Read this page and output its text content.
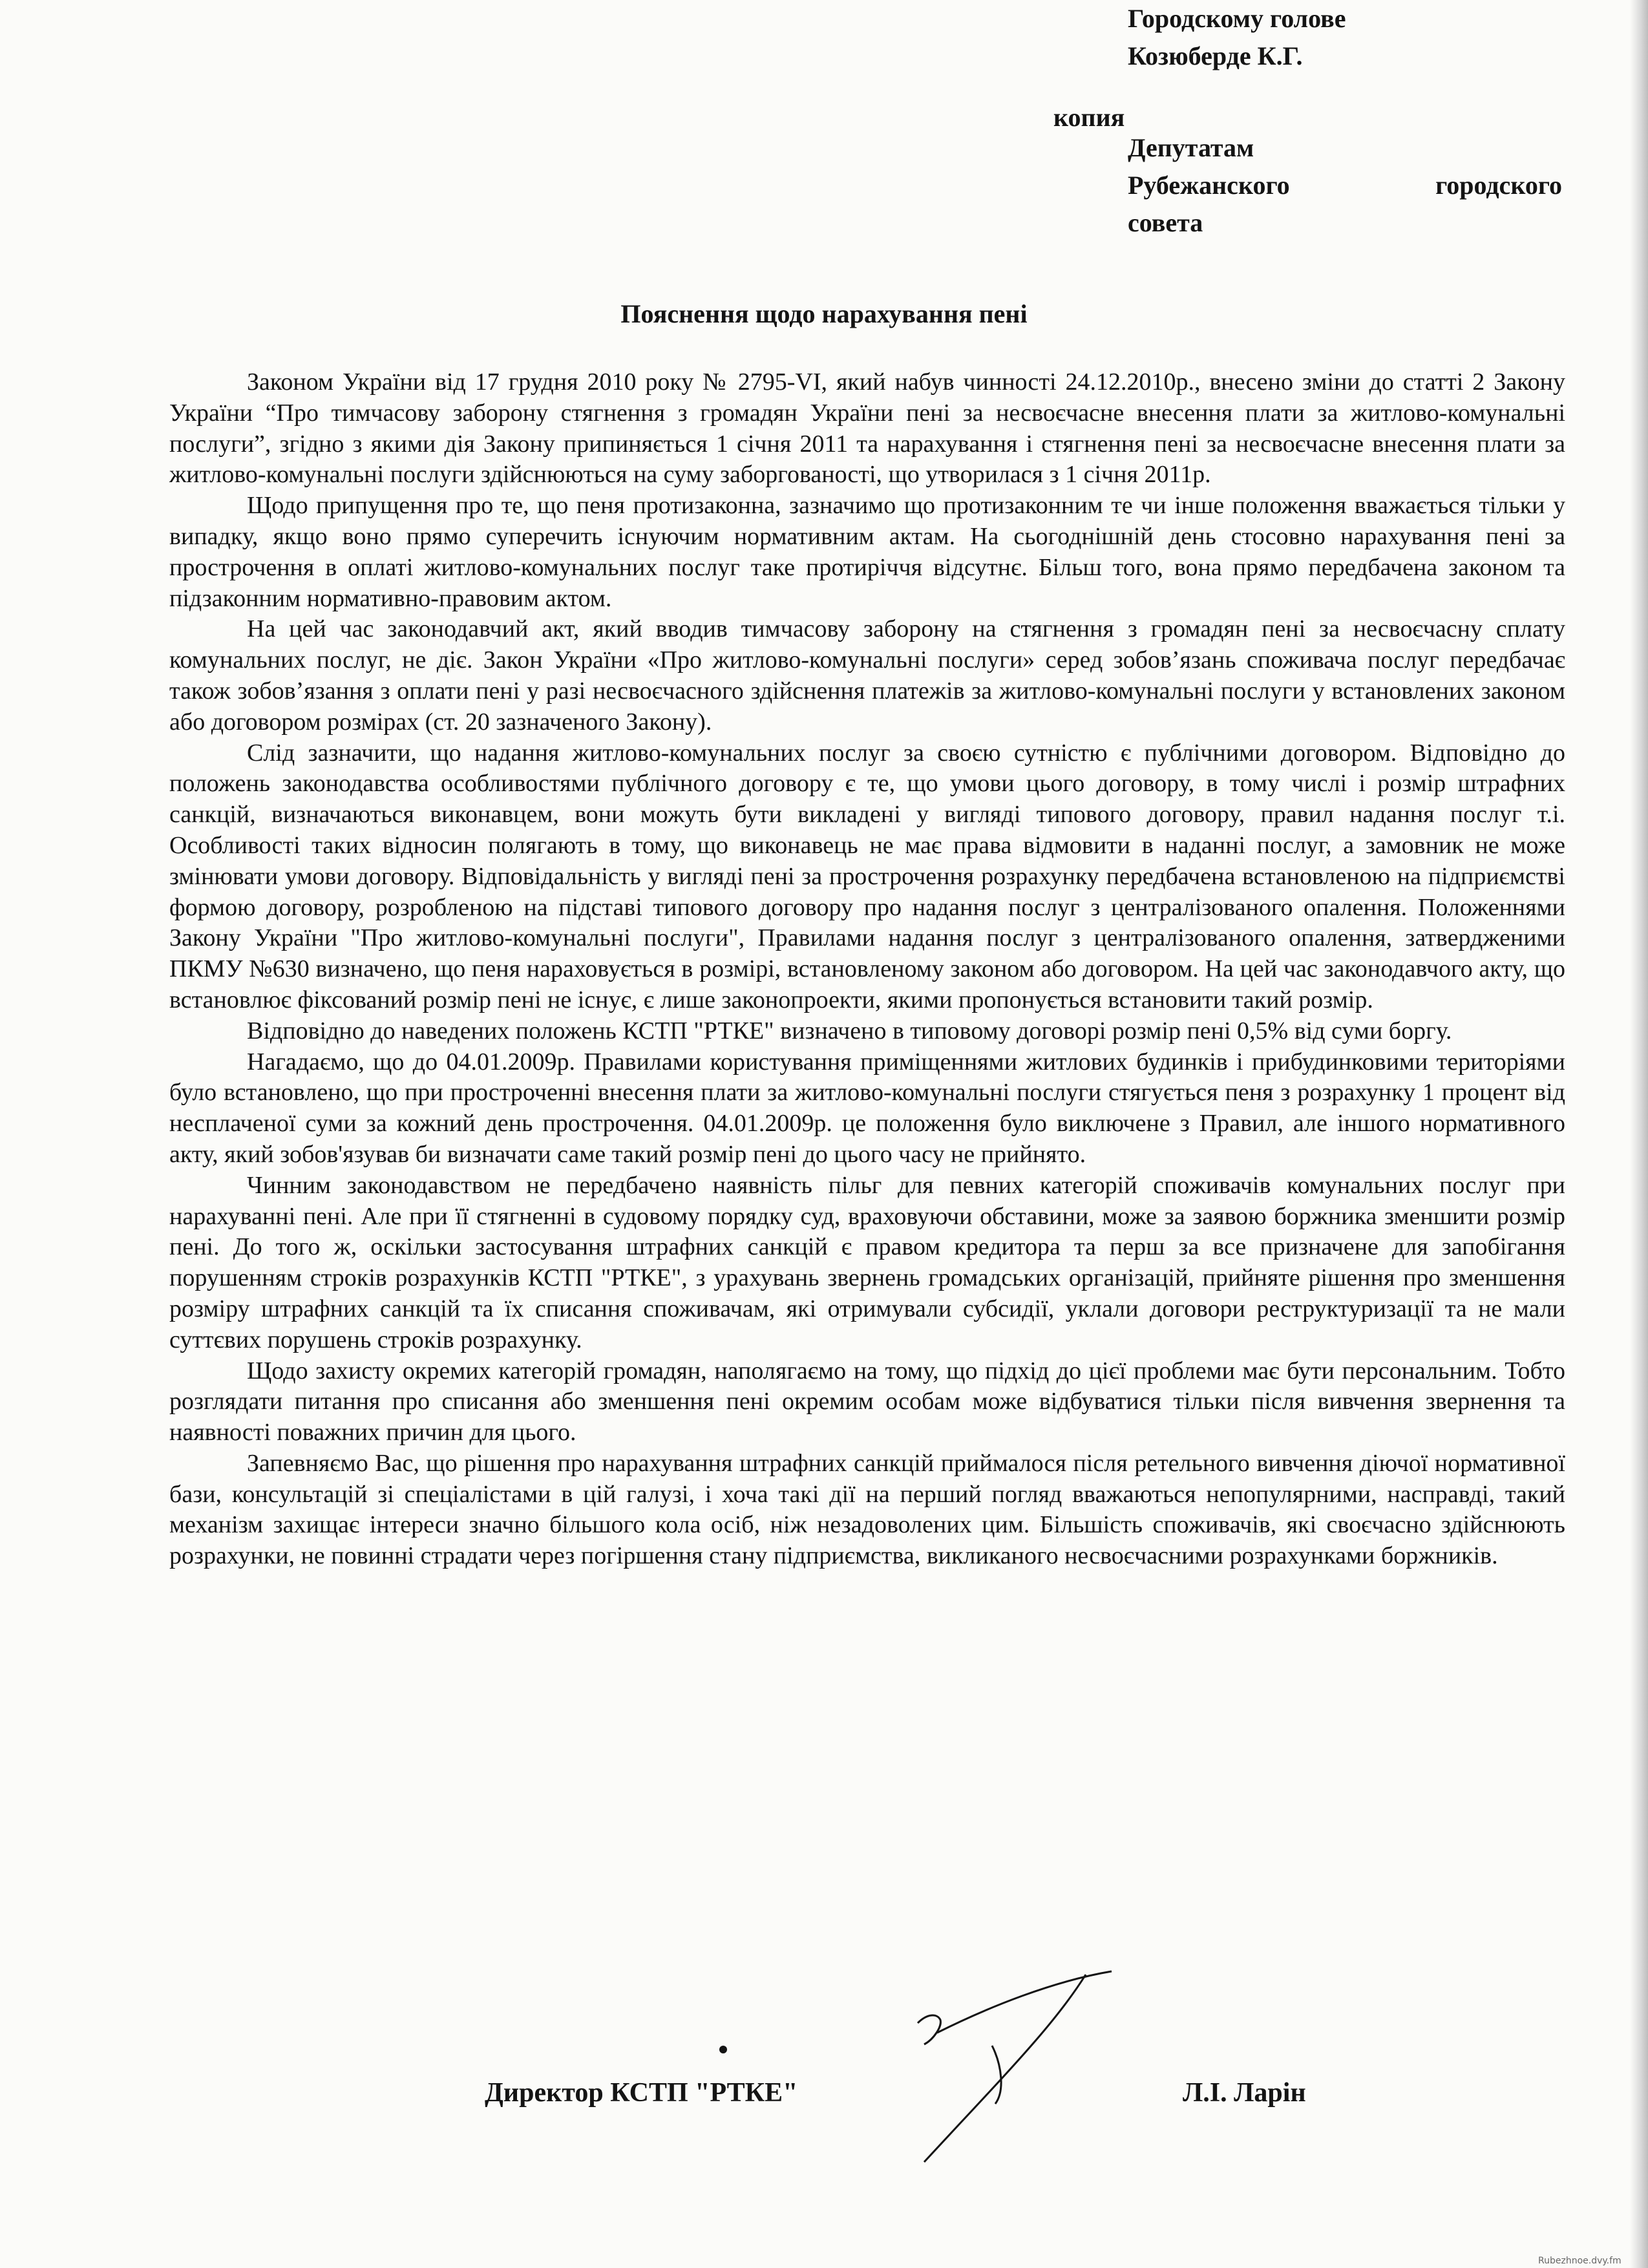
Городскому голове
Козюберде К.Г.
копия
Депутатам
Рубежанского	городского
совета
Пояснення щодо нарахування пені

Законом України від 17 грудня 2010 року № 2795-VI, який набув чинності 24.12.2010р., внесено зміни до статті 2 Закону України “Про тимчасову заборону стягнення з громадян України пені за несвоєчасне внесення плати за житлово-комунальні послуги”, згідно з якими дія Закону припиняється 1 січня 2011 та нарахування і стягнення пені за несвоєчасне внесення плати за житлово-комунальні послуги здійснюються на суму заборгованості, що утворилася з 1 січня 2011р.

Щодо припущення про те, що пеня протизаконна, зазначимо що протизаконним те чи інше положення вважається тільки у випадку, якщо воно прямо суперечить існуючим нормативним актам. На сьогоднішній день стосовно нарахування пені за прострочення в оплаті житлово-комунальних послуг таке протиріччя відсутнє. Більш того, вона прямо передбачена законом та підзаконним нормативно-правовим актом.

На цей час законодавчий акт, який вводив тимчасову заборону на стягнення з громадян пені за несвоєчасну сплату комунальних послуг, не діє. Закон України «Про житлово-комунальні послуги» серед зобов’язань споживача послуг передбачає також зобов’язання з оплати пені у разі несвоєчасного здійснення платежів за житлово-комунальні послуги у встановлених законом або договором розмірах (ст. 20 зазначеного Закону).

Слід зазначити, що надання житлово-комунальних послуг за своєю сутністю є публічними договором. Відповідно до положень законодавства особливостями публічного договору є те, що умови цього договору, в тому числі і розмір штрафних санкцій, визначаються виконавцем, вони можуть бути викладені у вигляді типового договору, правил надання послуг т.і. Особливості таких відносин полягають в тому, що виконавець не має права відмовити в наданні послуг, а замовник не може змінювати умови договору. Відповідальність у вигляді пені за прострочення розрахунку передбачена встановленою на підприємстві формою договору, розробленою на підставі типового договору про надання послуг з централізованого опалення. Положеннями Закону України "Про житлово-комунальні послуги", Правилами надання послуг з централізованого опалення, затвердженими ПКМУ №630 визначено, що пеня нараховується в розмірі, встановленому законом або договором. На цей час законодавчого акту, що встановлює фіксований розмір пені не існує, є лише законопроекти, якими пропонується встановити такий розмір.

Відповідно до наведених положень КСТП "РТКЕ" визначено в типовому договорі розмір пені 0,5% від суми боргу.

Нагадаємо, що до 04.01.2009р. Правилами користування приміщеннями житлових будинків і прибудинковими територіями було встановлено, що при простроченні внесення плати за житлово-комунальні послуги стягується пеня з розрахунку 1 процент від несплаченої суми за кожний день прострочення. 04.01.2009р. це положення було виключене з Правил, але іншого нормативного акту, який зобов'язував би визначати саме такий розмір пені до цього часу не прийнято.

Чинним законодавством не передбачено наявність пільг для певних категорій споживачів комунальних послуг при нарахуванні пені. Але при її стягненні в судовому порядку суд, враховуючи обставини, може за заявою боржника зменшити розмір пені. До того ж, оскільки застосування штрафних санкцій є правом кредитора та перш за все призначене для запобігання порушенням строків розрахунків КСТП "РТКЕ", з урахувань звернень громадських організацій, прийняте рішення про зменшення розміру штрафних санкцій та їх списання споживачам, які отримували субсидії, уклали договори реструктуризації та не мали суттєвих порушень строків розрахунку.

Щодо захисту окремих категорій громадян, наполягаємо на тому, що підхід до цієї проблеми має бути персональним. Тобто розглядати питання про списання або зменшення пені окремим особам може відбуватися тільки після вивчення звернення та наявності поважних причин для цього.

Запевняємо Вас, що рішення про нарахування штрафних санкцій приймалося після ретельного вивчення діючої нормативної бази, консультацій зі спеціалістами в цій галузі, і хоча такі дії на перший погляд вважаються непопулярними, насправді, такий механізм захищає інтереси значно більшого кола осіб, ніж незадоволених цим. Більшість споживачів, які своєчасно здійснюють розрахунки, не повинні страдати через погіршення стану підприємства, викликаного несвоєчасними розрахунками боржників.

Директор КСТП "РТКЕ"	Л.І. Ларін
Rubezhnoe.dvy.fm
